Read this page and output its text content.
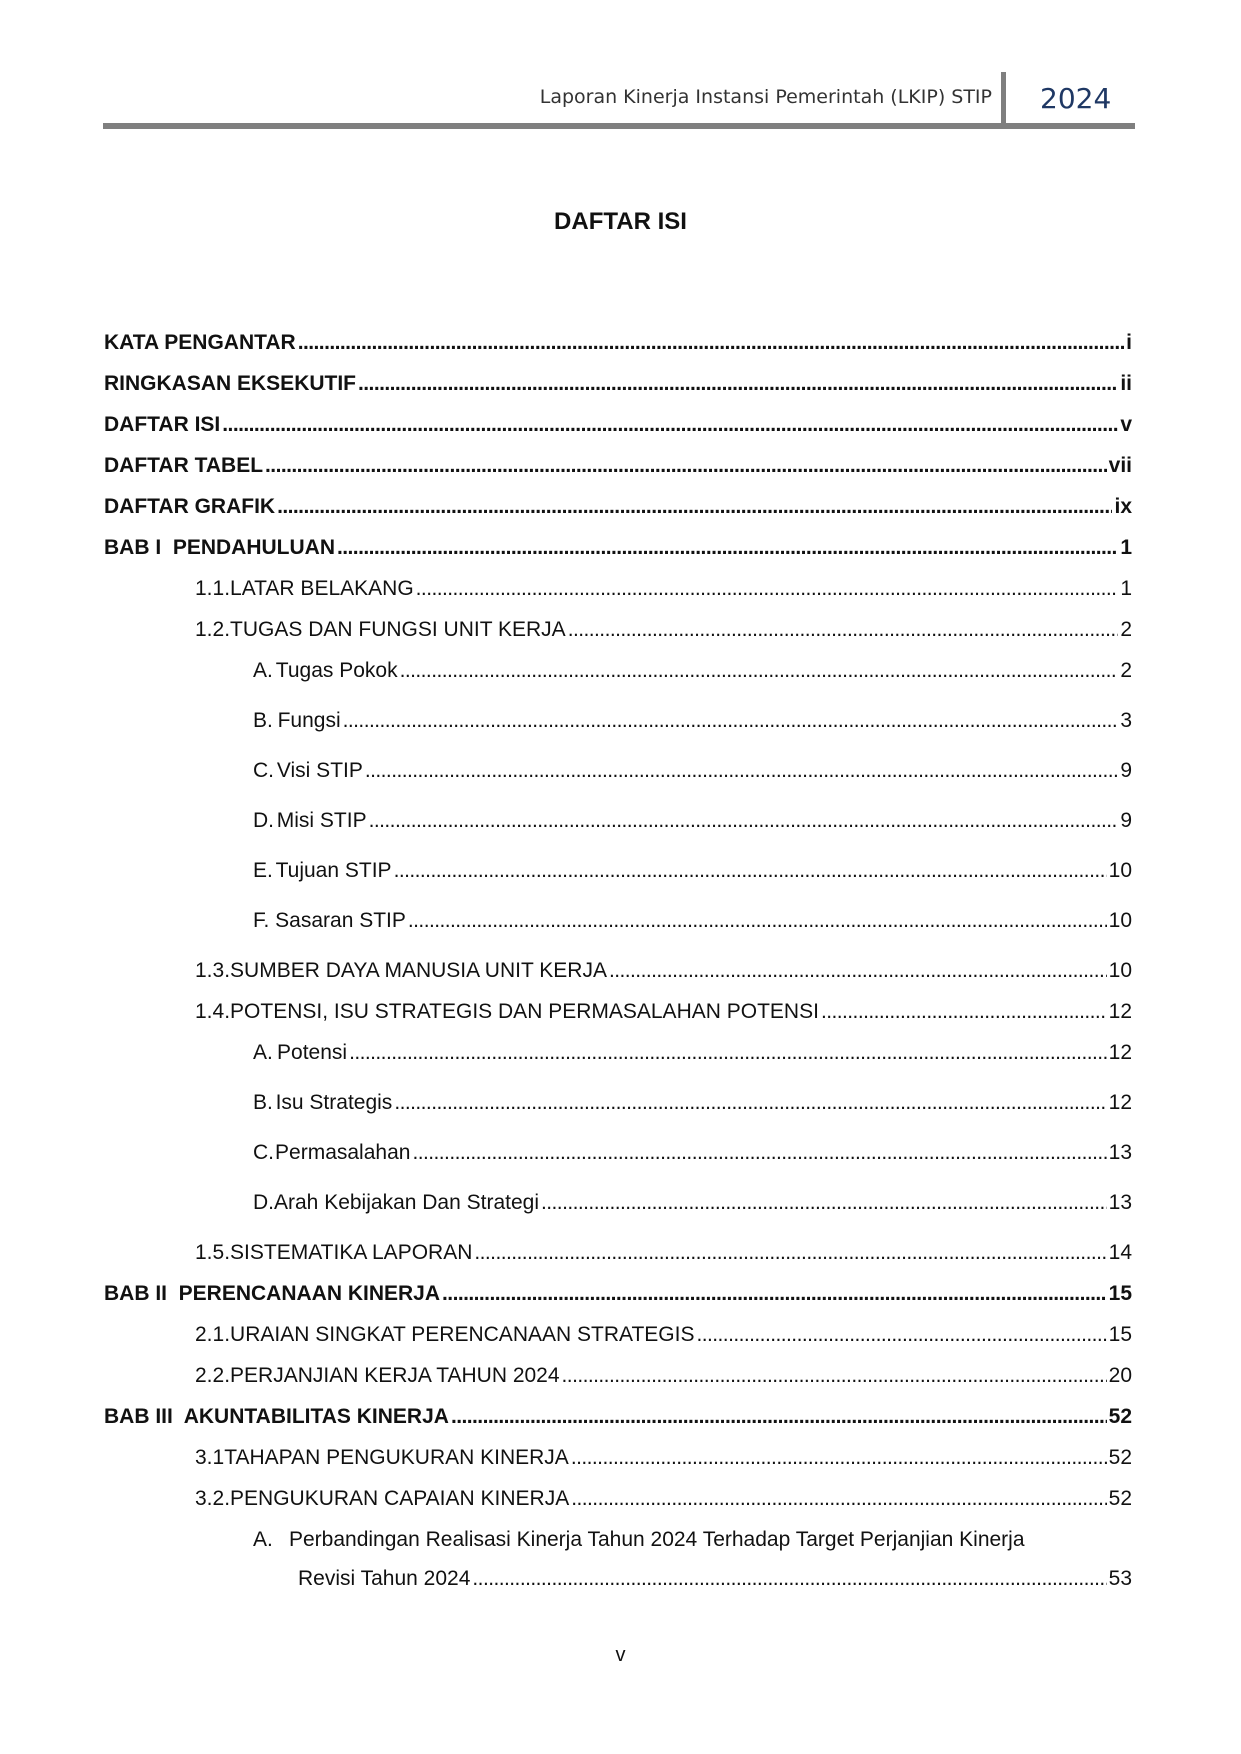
Laporan Kinerja Instansi Pemerintah (LKIP) STIP 2024
DAFTAR ISI
KATA PENGANTAR . . .	i
RINGKASAN EKSEKUTIF . . .	ii
DAFTAR ISI . . .	v
DAFTAR TABEL . . .	vii
DAFTAR GRAFIK . . .	ix
BAB I  PENDAHULUAN . . .	1
1.1. LATAR BELAKANG . . .	1
1.2. TUGAS DAN FUNGSI UNIT KERJA . . .	2
A. Tugas Pokok . . .	2
B. Fungsi . . .	3
C. Visi STIP . . .	9
D. Misi STIP . . .	9
E. Tujuan STIP . . .	10
F. Sasaran STIP . . .	10
1.3. SUMBER DAYA MANUSIA UNIT KERJA . . .	10
1.4. POTENSI, ISU STRATEGIS DAN PERMASALAHAN POTENSI . . .	12
A. Potensi . . .	12
B. Isu Strategis . . .	12
C. Permasalahan . . .	13
D. Arah Kebijakan Dan Strategi . . .	13
1.5. SISTEMATIKA LAPORAN . . .	14
BAB II  PERENCANAAN KINERJA . . .	15
2.1. URAIAN SINGKAT PERENCANAAN STRATEGIS . . .	15
2.2. PERJANJIAN KERJA TAHUN 2024 . . .	20
BAB III  AKUNTABILITAS KINERJA . . .	52
3.1 TAHAPAN PENGUKURAN KINERJA . . .	52
3.2. PENGUKURAN CAPAIAN KINERJA . . .	52
A. Perbandingan Realisasi Kinerja Tahun 2024 Terhadap Target Perjanjian Kinerja
Revisi Tahun 2024 . . .	53
v
